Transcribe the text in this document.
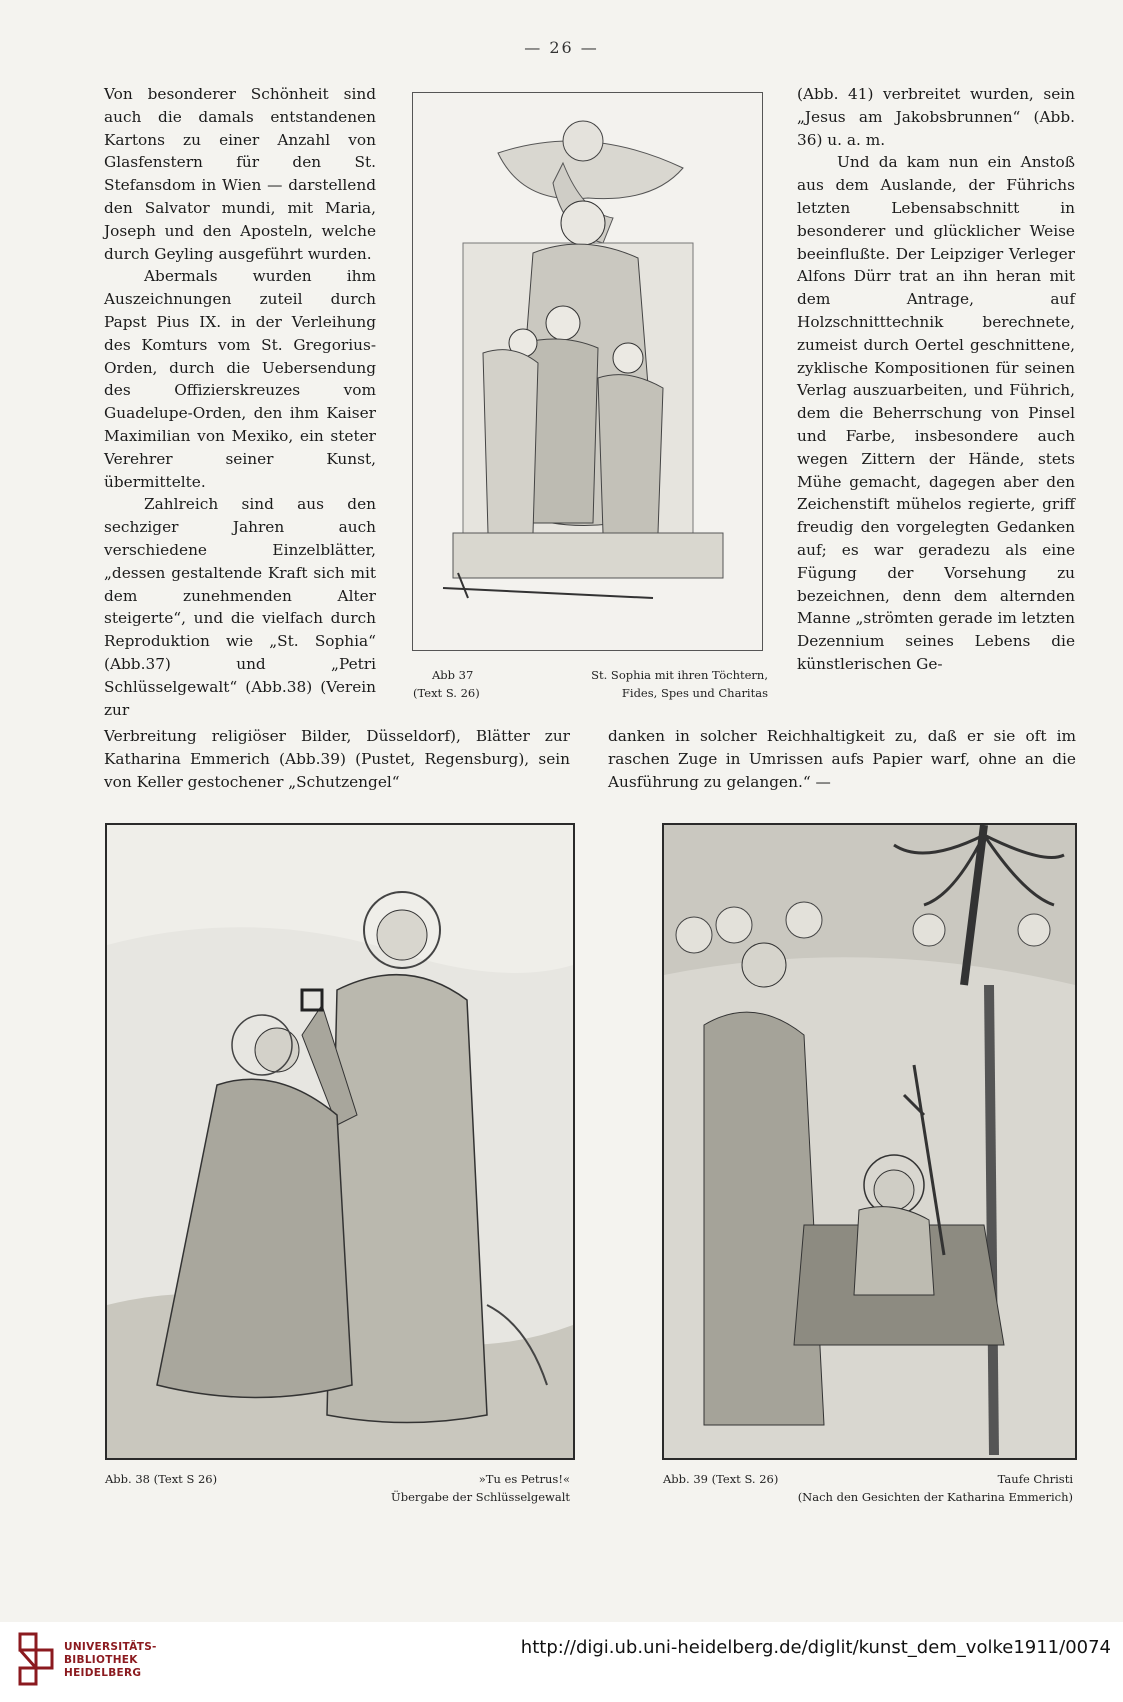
— 26 —

Von besonderer Schönheit sind auch die damals entstandenen Kartons zu einer Anzahl von Glasfenstern für den St. Stefansdom in Wien — darstellend den Salvator mundi, mit Maria, Joseph und den Aposteln, welche durch Geyling ausgeführt wurden.

Abermals wurden ihm Auszeichnungen zuteil durch Papst Pius IX. in der Verleihung des Komturs vom St. Gregorius-Orden, durch die Uebersendung des Offizierskreuzes vom Guadelupe-Orden, den ihm Kaiser Maximilian von Mexiko, ein steter Verehrer seiner Kunst, übermittelte.

Zahlreich sind aus den sechziger Jahren auch verschiedene Einzelblätter, „dessen gestaltende Kraft sich mit dem zunehmenden Alter steigerte“, und die vielfach durch Reproduktion wie „St. Sophia“ (Abb.37) und „Petri Schlüsselgewalt“ (Abb.38) (Verein zur

Verbreitung religiöser Bilder, Düsseldorf), Blätter zur Katharina Emmerich (Abb.39) (Pustet, Regensburg), sein von Keller gestochener „Schutzengel“

(Abb. 41) verbreitet wurden, sein „Jesus am Jakobsbrunnen“ (Abb. 36) u. a. m.

Und da kam nun ein Anstoß aus dem Auslande, der Führichs letzten Lebensabschnitt in besonderer und glücklicher Weise beeinflußte. Der Leipziger Verleger Alfons Dürr trat an ihn heran mit dem Antrage, auf Holzschnitttechnik berechnete, zumeist durch Oertel geschnittene, zyklische Kompositionen für seinen Verlag auszuarbeiten, und Führich, dem die Beherrschung von Pinsel und Farbe, insbesondere auch wegen Zittern der Hände, stets Mühe gemacht, dagegen aber den Zeichenstift mühelos regierte, griff freudig den vorgelegten Gedanken auf; es war geradezu als eine Fügung der Vorsehung zu bezeichnen, denn dem alternden Manne „strömten gerade im letzten Dezennium seines Lebens die künstlerischen Ge-

danken in solcher Reichhaltigkeit zu, daß er sie oft im raschen Zuge in Umrissen aufs Papier warf, ohne an die Ausführung zu gelangen.“ —

Abb 37
(Text S. 26)
St. Sophia mit ihren Töchtern,
Fides, Spes und Charitas
Abb. 38 (Text S 26)	»Tu es Petrus!«
Übergabe der Schlüsselgewalt
Abb. 39 (Text S. 26)	Taufe Christi
(Nach den Gesichten der Katharina Emmerich)
UNIVERSITÄTS-
BIBLIOTHEK
HEIDELBERG
http://digi.ub.uni-heidelberg.de/diglit/kunst_dem_volke1911/0074
